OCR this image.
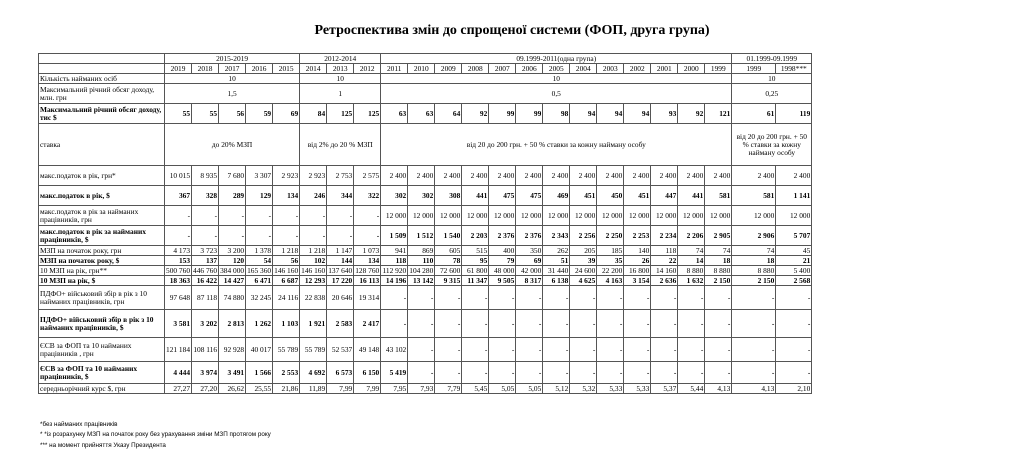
Ретроспектива змін до спрощеної системи (ФОП, друга група)
	2015-2019					2012-2014			09.1999-2011(одна група)													01.1999-09.1999	
	2019	2018	2017	2016	2015	2014	2013	2012	2011	2010	2009	2008	2007	2006	2005	2004	2003	2002	2001	2000	1999	1999	1998***
Кількість найманих осіб	10					10			10													10	
Максимальний річний обсяг доходу, млн. грн	1,5					1			0,5													0,25	
Максимальний річний обсяг доходу, тис $	55	55	56	59	69	84	125	125	63	63	64	92	99	99	98	94	94	94	93	92	121	61	119
ставка	до 20% МЗП					від 2% до 20 % МЗП			від 20 до 200 грн. + 50 % ставки за кожну найману особу													від 20 до 200 грн. + 50 % ставки за кожну найману особу	
макс.податок в рік, грн*	10 015	8 935	7 680	3 307	2 923	2 923	2 753	2 575	2 400	2 400	2 400	2 400	2 400	2 400	2 400	2 400	2 400	2 400	2 400	2 400	2 400	2 400	2 400
макс.податок в рік, $	367	328	289	129	134	246	344	322	302	302	308	441	475	475	469	451	450	451	447	441	581	581	1 141
макс.податок в рік за найманих працівників, грн	-	-	-	-	-	-	-	-	12 000	12 000	12 000	12 000	12 000	12 000	12 000	12 000	12 000	12 000	12 000	12 000	12 000	12 000	12 000
макс.податок в рік за найманих працівників, $	-	-	-	-	-	-	-	-	1 509	1 512	1 540	2 203	2 376	2 376	2 343	2 256	2 250	2 253	2 234	2 206	2 905	2 906	5 707
МЗП на початок року, грн	4 173	3 723	3 200	1 378	1 218	1 218	1 147	1 073	941	869	605	515	400	350	262	205	185	140	118	74	74	74	45
МЗП на початок року, $	153	137	120	54	56	102	144	134	118	110	78	95	79	69	51	39	35	26	22	14	18	18	21
10 МЗП на рік, грн**	500 760	446 760	384 000	165 360	146 160	146 160	137 640	128 760	112 920	104 280	72 600	61 800	48 000	42 000	31 440	24 600	22 200	16 800	14 160	8 880	8 880	8 880	5 400
10 МЗП на рік, $	18 363	16 422	14 427	6 471	6 687	12 293	17 220	16 113	14 196	13 142	9 315	11 347	9 505	8 317	6 138	4 625	4 163	3 154	2 636	1 632	2 150	2 150	2 568
ПДФО+ військовий збір в рік з 10 найманих працівників, грн	97 648	87 118	74 880	32 245	24 116	22 838	20 646	19 314	-	-	-	-	-	-	-	-	-	-	-	-	-	-	-
ПДФО+ військовий збір в рік з 10 найманих працівників, $	3 581	3 202	2 813	1 262	1 103	1 921	2 583	2 417	-	-	-	-	-	-	-	-	-	-	-	-	-	-	-
ЄСВ за ФОП та 10 найманих працівників , грн	121 184	108 116	92 928	40 017	55 789	55 789	52 537	49 148	43 102	-	-	-	-	-	-	-	-	-	-	-	-	-	-
ЄСВ за ФОП та 10 найманих працівників, $	4 444	3 974	3 491	1 566	2 553	4 692	6 573	6 150	5 419	-	-	-	-	-	-	-	-	-	-	-	-	-	-
середньорічний курс $, грн	27,27	27,20	26,62	25,55	21,86	11,89	7,99	7,99	7,95	7,93	7,79	5,45	5,05	5,05	5,12	5,32	5,33	5,33	5,37	5,44	4,13	4,13	2,10
*без найманих працівників
* *із розрахунку МЗП на початок року без урахування зміни МЗП протягом року
*** на момент прийняття Указу Президента
